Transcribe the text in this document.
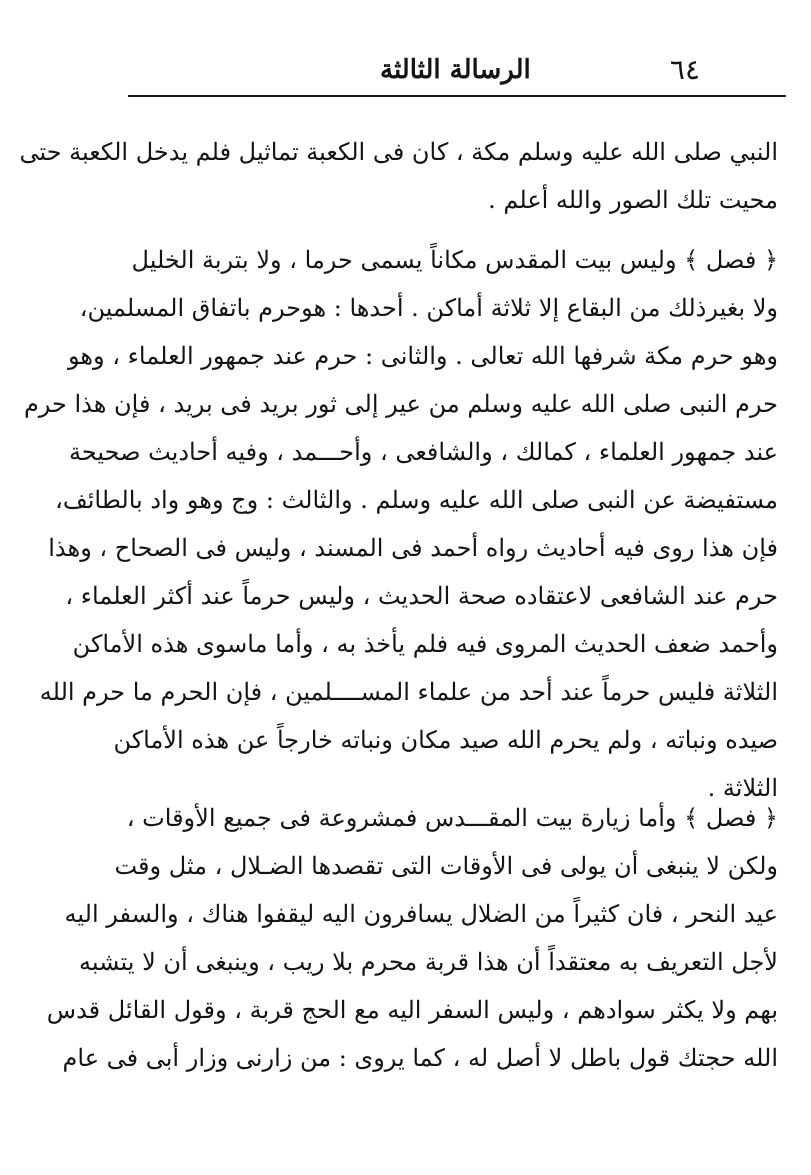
٦٤
الرسالة الثالثة
النبي صلى الله عليه وسلم مكة ، كان فى الكعبة تماثيل فلم يدخل الكعبة حتى
محيت تلك الصور والله أعلم .
﴿ فصل ﴾ وليس بيت المقدس مكاناً يسمى حرما ، ولا بتربة الخليل
ولا بغيرذلك من البقاع إلا ثلاثة أماكن . أحدها : هوحرم باتفاق المسلمين،
وهو حرم مكة شرفها الله تعالى . والثانى : حرم عند جمهور العلماء ، وهو
حرم النبى صلى الله عليه وسلم من عير إلى ثور بريد فى بريد ، فإن هذا حرم
عند جمهور العلماء ، كمالك ، والشافعى ، وأحـــمد ، وفيه أحاديث صحيحة
مستفيضة عن النبى صلى الله عليه وسلم . والثالث : وج وهو واد بالطائف،
فإن هذا روى فيه أحاديث رواه أحمد فى المسند ، وليس فى الصحاح ، وهذا
حرم عند الشافعى لاعتقاده صحة الحديث ، وليس حرماً عند أكثر العلماء ،
وأحمد ضعف الحديث المروى فيه فلم يأخذ به ، وأما ماسوى هذه الأماكن
الثلاثة فليس حرماً عند أحد من علماء المســــلمين ، فإن الحرم ما حرم الله
صيده ونباته ، ولم يحرم الله صيد مكان ونباته خارجاً عن هذه الأماكن
الثلاثة .
﴿ فصل ﴾ وأما زيارة بيت المقـــدس فمشروعة فى جميع الأوقات ،
ولكن لا ينبغى أن يولى فى الأوقات التى تقصدها الضـلال ، مثل وقت
عيد النحر ، فان كثيراً من الضلال يسافرون اليه ليقفوا هناك ، والسفر اليه
لأجل التعريف به معتقداً أن هذا قربة محرم بلا ريب ، وينبغى أن لا يتشبه
بهم ولا يكثر سوادهم ، وليس السفر اليه مع الحج قربة ، وقول القائل قدس
الله حجتك قول باطل لا أصل له ، كما يروى : من زارنى وزار أبى فى عام
